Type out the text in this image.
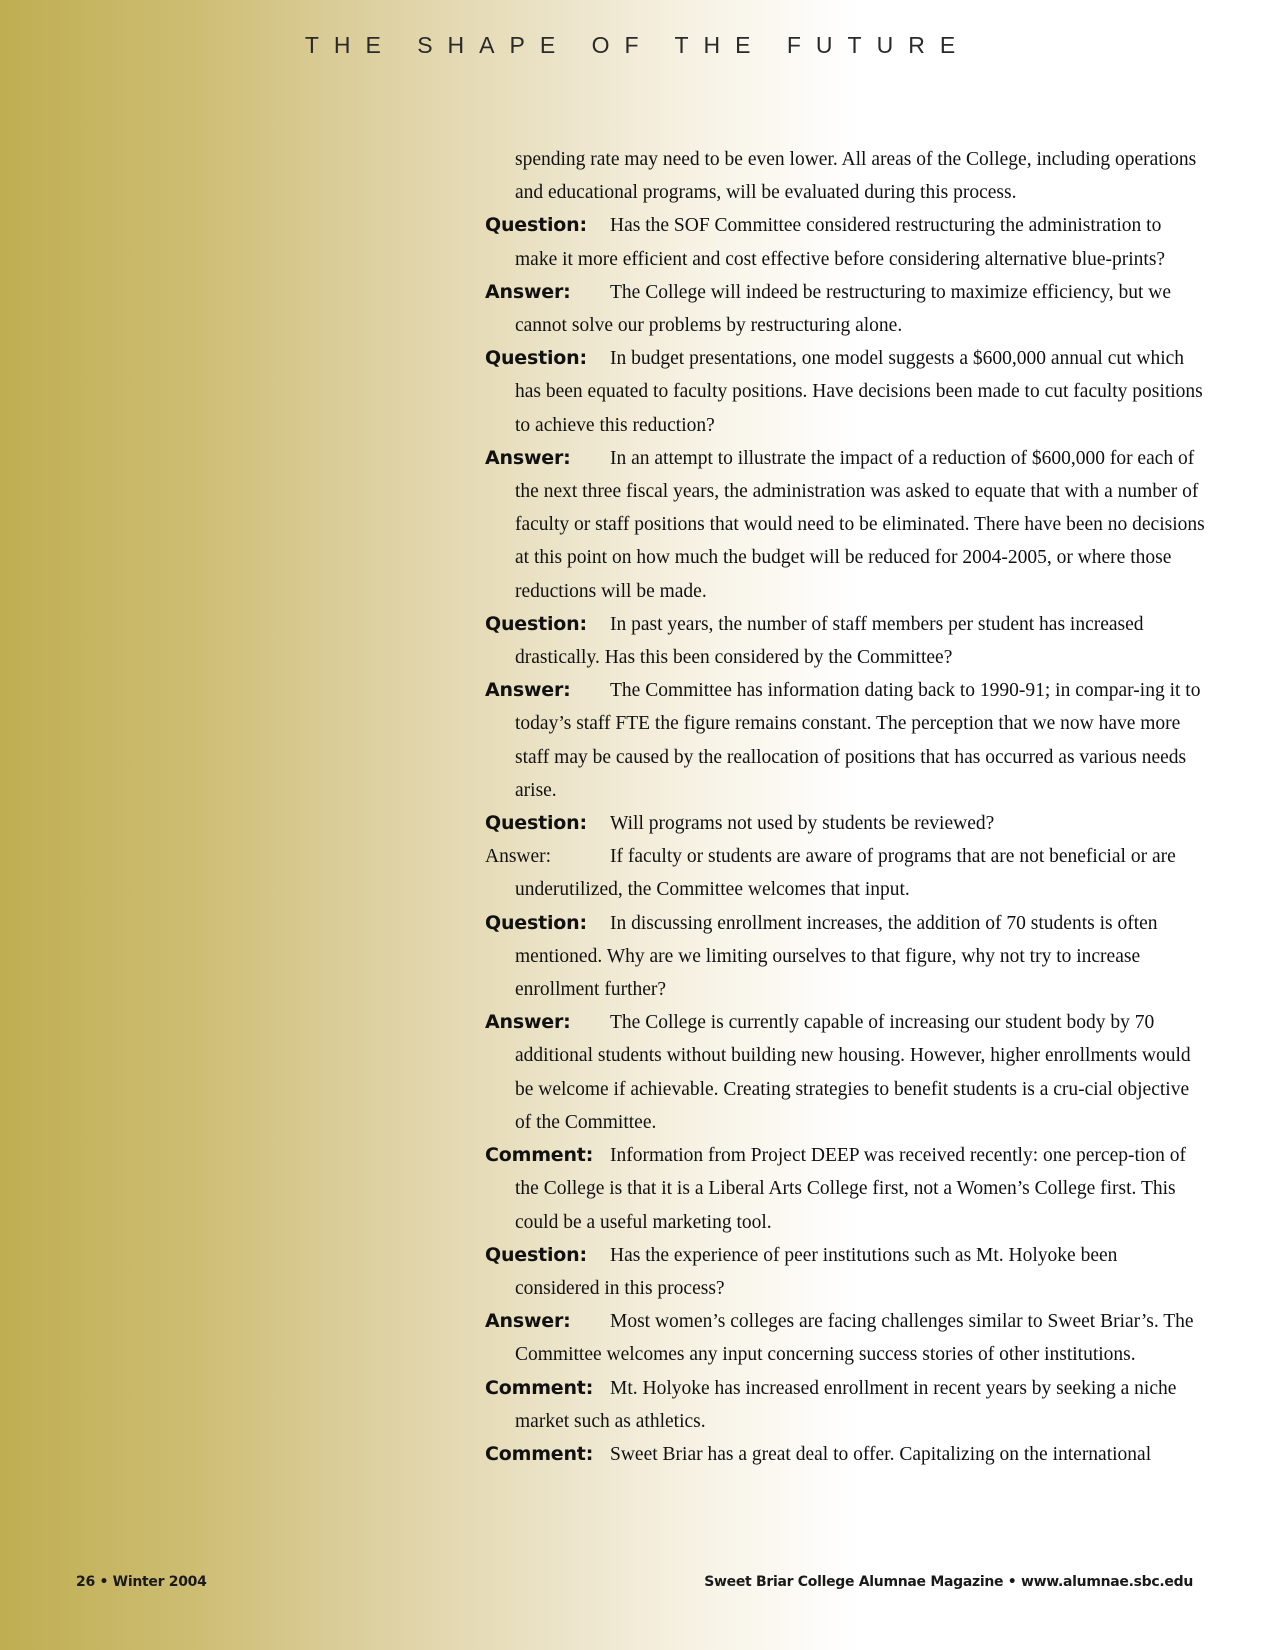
THE SHAPE OF THE FUTURE

spending rate may need to be even lower. All areas of the College, including operations and educational programs, will be evaluated during this process.

Question: Has the SOF Committee considered restructuring the administration to make it more efficient and cost effective before considering alternative blue-prints?

Answer: The College will indeed be restructuring to maximize efficiency, but we cannot solve our problems by restructuring alone.

Question: In budget presentations, one model suggests a $600,000 annual cut which has been equated to faculty positions. Have decisions been made to cut faculty positions to achieve this reduction?

Answer: In an attempt to illustrate the impact of a reduction of $600,000 for each of the next three fiscal years, the administration was asked to equate that with a number of faculty or staff positions that would need to be eliminated. There have been no decisions at this point on how much the budget will be reduced for 2004-2005, or where those reductions will be made.

Question: In past years, the number of staff members per student has increased drastically. Has this been considered by the Committee?

Answer: The Committee has information dating back to 1990-91; in compar-ing it to today’s staff FTE the figure remains constant. The perception that we now have more staff may be caused by the reallocation of positions that has occurred as various needs arise.

Question: Will programs not used by students be reviewed?

Answer:	If faculty or students are aware of programs that are not beneficial or are underutilized, the Committee welcomes that input.

Question: In discussing enrollment increases, the addition of 70 students is often mentioned. Why are we limiting ourselves to that figure, why not try to increase enrollment further?

Answer: The College is currently capable of increasing our student body by 70 additional students without building new housing. However, higher enrollments would be welcome if achievable. Creating strategies to benefit students is a cru-cial objective of the Committee.

Comment: Information from Project DEEP was received recently: one percep-tion of the College is that it is a Liberal Arts College first, not a Women’s College first. This could be a useful marketing tool.

Question: Has the experience of peer institutions such as Mt. Holyoke been considered in this process?

Answer: Most women’s colleges are facing challenges similar to Sweet Briar’s. The Committee welcomes any input concerning success stories of other institutions.

Comment: Mt. Holyoke has increased enrollment in recent years by seeking a niche market such as athletics.

Comment: Sweet Briar has a great deal to offer. Capitalizing on the international

26 • Winter 2004	Sweet Briar College Alumnae Magazine • www.alumnae.sbc.edu
